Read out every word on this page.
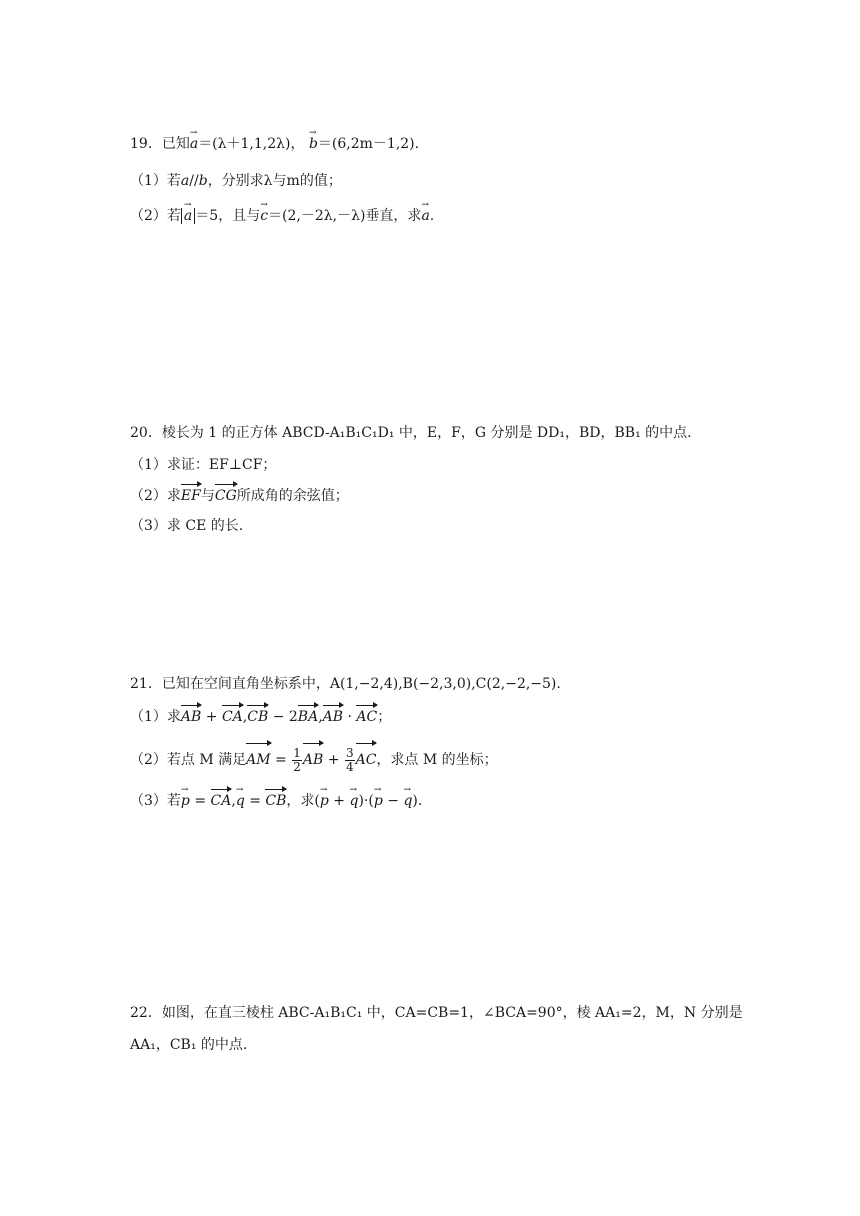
19．已知a →＝(λ＋1,1,2λ)， b →＝(6,2m－1,2).
（1）若a//b，分别求λ与m的值；
（2）若 a → ＝5，且与c →＝(2,－2λ,－λ)垂直，求a →.
20．棱长为 1 的正方体 ABCD-A₁B₁C₁D₁ 中，E，F，G 分别是 DD₁，BD，BB₁ 的中点.
（1）求证：EF⊥CF；
（2）求EF与CG所成角的余弦值；
（3）求 CE 的长.
21．已知在空间直角坐标系中，A(1,−2,4),B(−2,3,0),C(2,−2,−5).
（1）求AB + CA,CB − 2BA,AB · AC；
（2）若点 M 满足AM = $\frac{1}{2}$ AB + $\frac{3}{4}$ AC，求点 M 的坐标；
（3）若p → = CA,q → = CB，求(p → + q →)·(p → − q →).
22．如图，在直三棱柱 ABC-A₁B₁C₁ 中，CA=CB=1，∠BCA=90°，棱 AA₁=2，M，N 分别是
AA₁，CB₁ 的中点.
